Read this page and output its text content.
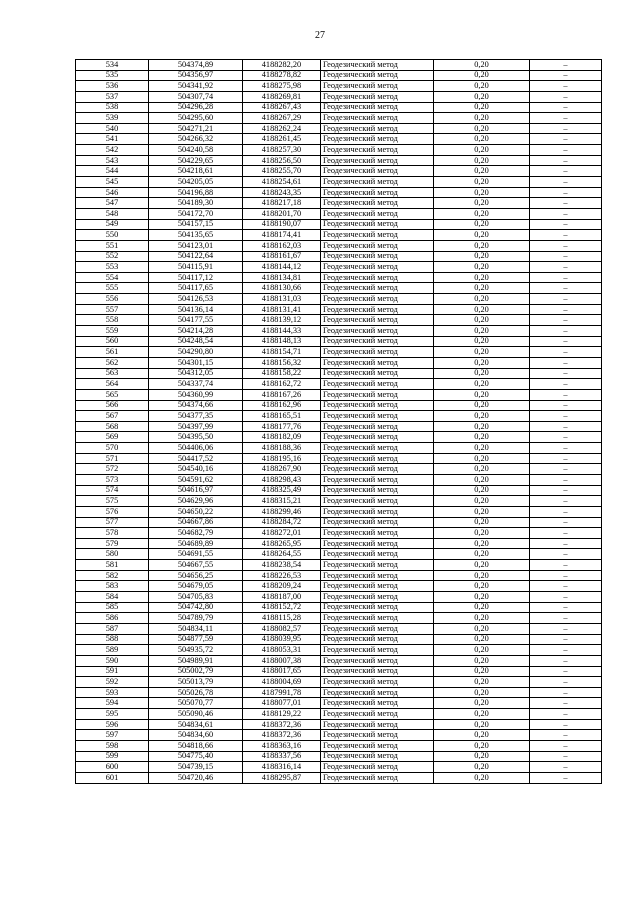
27
534	504374,89	4188282,20	Геодезический метод	0,20	–
535	504356,97	4188278,82	Геодезический метод	0,20	–
536	504341,92	4188275,98	Геодезический метод	0,20	–
537	504307,74	4188269,81	Геодезический метод	0,20	–
538	504296,28	4188267,43	Геодезический метод	0,20	–
539	504295,60	4188267,29	Геодезический метод	0,20	–
540	504271,21	4188262,24	Геодезический метод	0,20	–
541	504266,32	4188261,45	Геодезический метод	0,20	–
542	504240,58	4188257,30	Геодезический метод	0,20	–
543	504229,65	4188256,50	Геодезический метод	0,20	–
544	504218,61	4188255,70	Геодезический метод	0,20	–
545	504205,05	4188254,61	Геодезический метод	0,20	–
546	504196,88	4188243,35	Геодезический метод	0,20	–
547	504189,30	4188217,18	Геодезический метод	0,20	–
548	504172,70	4188201,70	Геодезический метод	0,20	–
549	504157,15	4188190,07	Геодезический метод	0,20	–
550	504135,65	4188174,41	Геодезический метод	0,20	–
551	504123,01	4188162,03	Геодезический метод	0,20	–
552	504122,64	4188161,67	Геодезический метод	0,20	–
553	504115,91	4188144,12	Геодезический метод	0,20	–
554	504117,12	4188134,81	Геодезический метод	0,20	–
555	504117,65	4188130,66	Геодезический метод	0,20	–
556	504126,53	4188131,03	Геодезический метод	0,20	–
557	504136,14	4188131,41	Геодезический метод	0,20	–
558	504177,55	4188139,12	Геодезический метод	0,20	–
559	504214,28	4188144,33	Геодезический метод	0,20	–
560	504248,54	4188148,13	Геодезический метод	0,20	–
561	504290,80	4188154,71	Геодезический метод	0,20	–
562	504301,15	4188156,32	Геодезический метод	0,20	–
563	504312,05	4188158,22	Геодезический метод	0,20	–
564	504337,74	4188162,72	Геодезический метод	0,20	–
565	504360,99	4188167,26	Геодезический метод	0,20	–
566	504374,66	4188162,96	Геодезический метод	0,20	–
567	504377,35	4188165,51	Геодезический метод	0,20	–
568	504397,99	4188177,76	Геодезический метод	0,20	–
569	504395,50	4188182,09	Геодезический метод	0,20	–
570	504406,06	4188188,36	Геодезический метод	0,20	–
571	504417,52	4188195,16	Геодезический метод	0,20	–
572	504540,16	4188267,90	Геодезический метод	0,20	–
573	504591,62	4188298,43	Геодезический метод	0,20	–
574	504616,97	4188325,49	Геодезический метод	0,20	–
575	504629,96	4188315,21	Геодезический метод	0,20	–
576	504650,22	4188299,46	Геодезический метод	0,20	–
577	504667,86	4188284,72	Геодезический метод	0,20	–
578	504682,79	4188272,01	Геодезический метод	0,20	–
579	504689,89	4188265,95	Геодезический метод	0,20	–
580	504691,55	4188264,55	Геодезический метод	0,20	–
581	504667,55	4188238,54	Геодезический метод	0,20	–
582	504656,25	4188226,53	Геодезический метод	0,20	–
583	504679,05	4188209,24	Геодезический метод	0,20	–
584	504705,83	4188187,00	Геодезический метод	0,20	–
585	504742,80	4188152,72	Геодезический метод	0,20	–
586	504789,79	4188115,28	Геодезический метод	0,20	–
587	504834,11	4188082,57	Геодезический метод	0,20	–
588	504877,59	4188039,95	Геодезический метод	0,20	–
589	504935,72	4188053,31	Геодезический метод	0,20	–
590	504989,91	4188007,38	Геодезический метод	0,20	–
591	505002,79	4188017,65	Геодезический метод	0,20	–
592	505013,79	4188004,69	Геодезический метод	0,20	–
593	505026,78	4187991,78	Геодезический метод	0,20	–
594	505070,77	4188077,01	Геодезический метод	0,20	–
595	505090,46	4188129,22	Геодезический метод	0,20	–
596	504834,61	4188372,36	Геодезический метод	0,20	–
597	504834,60	4188372,36	Геодезический метод	0,20	–
598	504818,66	4188363,16	Геодезический метод	0,20	–
599	504775,40	4188337,56	Геодезический метод	0,20	–
600	504739,15	4188316,14	Геодезический метод	0,20	–
601	504720,46	4188295,87	Геодезический метод	0,20	–
